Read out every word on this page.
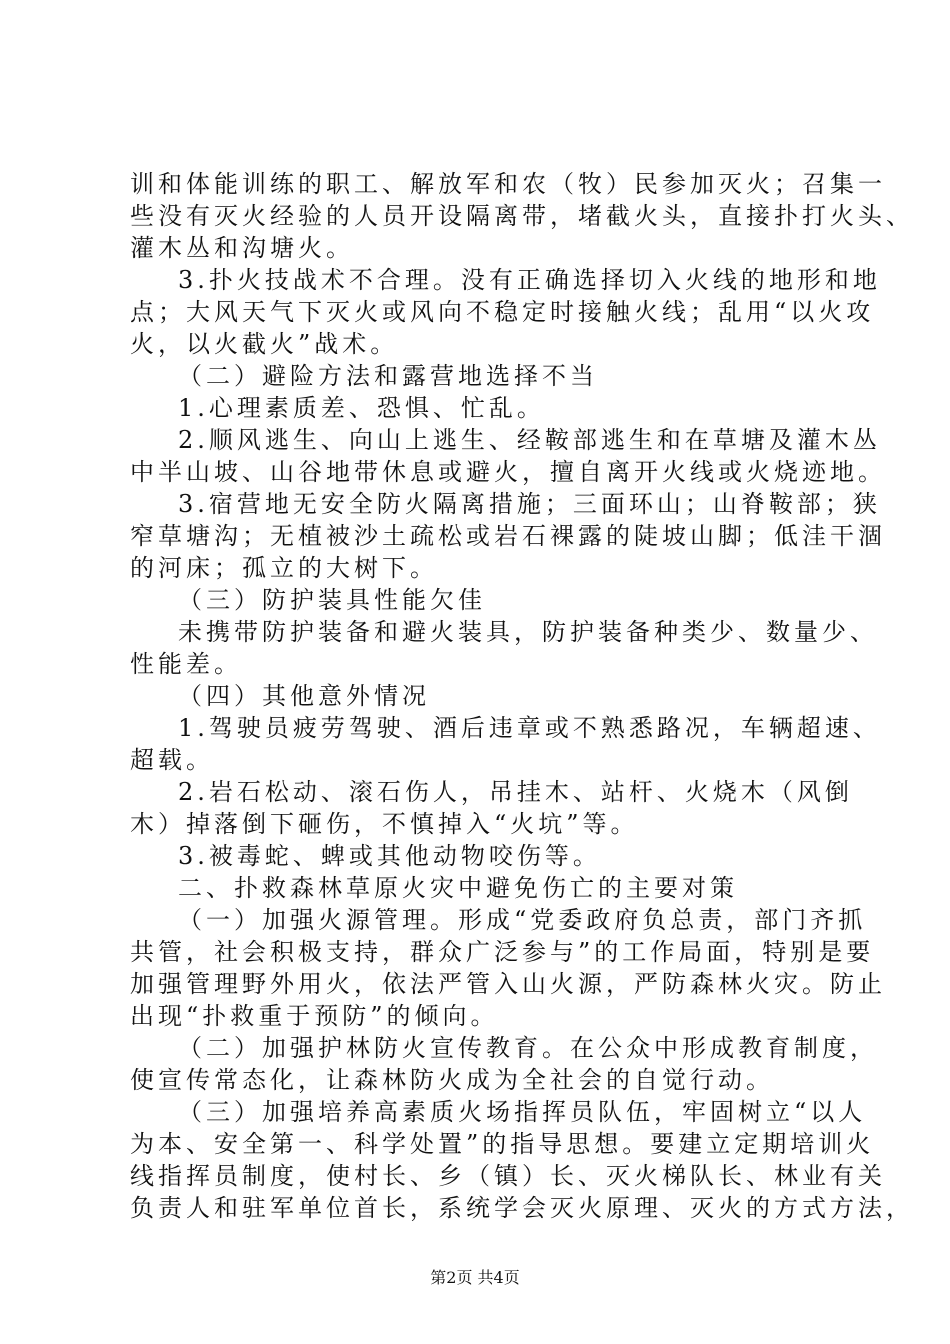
训和体能训练的职工、解放军和农（牧）民参加灭火；召集一

些没有灭火经验的人员开设隔离带，堵截火头，直接扑打火头、

灌木丛和沟塘火。

3.扑火技战术不合理。没有正确选择切入火线的地形和地

点；大风天气下灭火或风向不稳定时接触火线；乱用“以火攻

火，以火截火”战术。

（二）避险方法和露营地选择不当

1.心理素质差、恐惧、忙乱。

2.顺风逃生、向山上逃生、经鞍部逃生和在草塘及灌木丛

中半山坡、山谷地带休息或避火，擅自离开火线或火烧迹地。

3.宿营地无安全防火隔离措施；三面环山；山脊鞍部；狭

窄草塘沟；无植被沙土疏松或岩石裸露的陡坡山脚；低洼干涸

的河床；孤立的大树下。

（三）防护装具性能欠佳

未携带防护装备和避火装具，防护装备种类少、数量少、

性能差。

（四）其他意外情况

1.驾驶员疲劳驾驶、酒后违章或不熟悉路况，车辆超速、

超载。

2.岩石松动、滚石伤人，吊挂木、站杆、火烧木（风倒

木）掉落倒下砸伤，不慎掉入“火坑”等。

3.被毒蛇、蜱或其他动物咬伤等。

二、扑救森林草原火灾中避免伤亡的主要对策

（一）加强火源管理。形成“党委政府负总责，部门齐抓

共管，社会积极支持，群众广泛参与”的工作局面，特别是要

加强管理野外用火，依法严管入山火源，严防森林火灾。防止

出现“扑救重于预防”的倾向。

（二）加强护林防火宣传教育。在公众中形成教育制度，

使宣传常态化，让森林防火成为全社会的自觉行动。

（三）加强培养高素质火场指挥员队伍，牢固树立“以人

为本、安全第一、科学处置”的指导思想。要建立定期培训火

线指挥员制度，使村长、乡（镇）长、灭火梯队长、林业有关

负责人和驻军单位首长，系统学会灭火原理、灭火的方式方法，

第2页 共4页
